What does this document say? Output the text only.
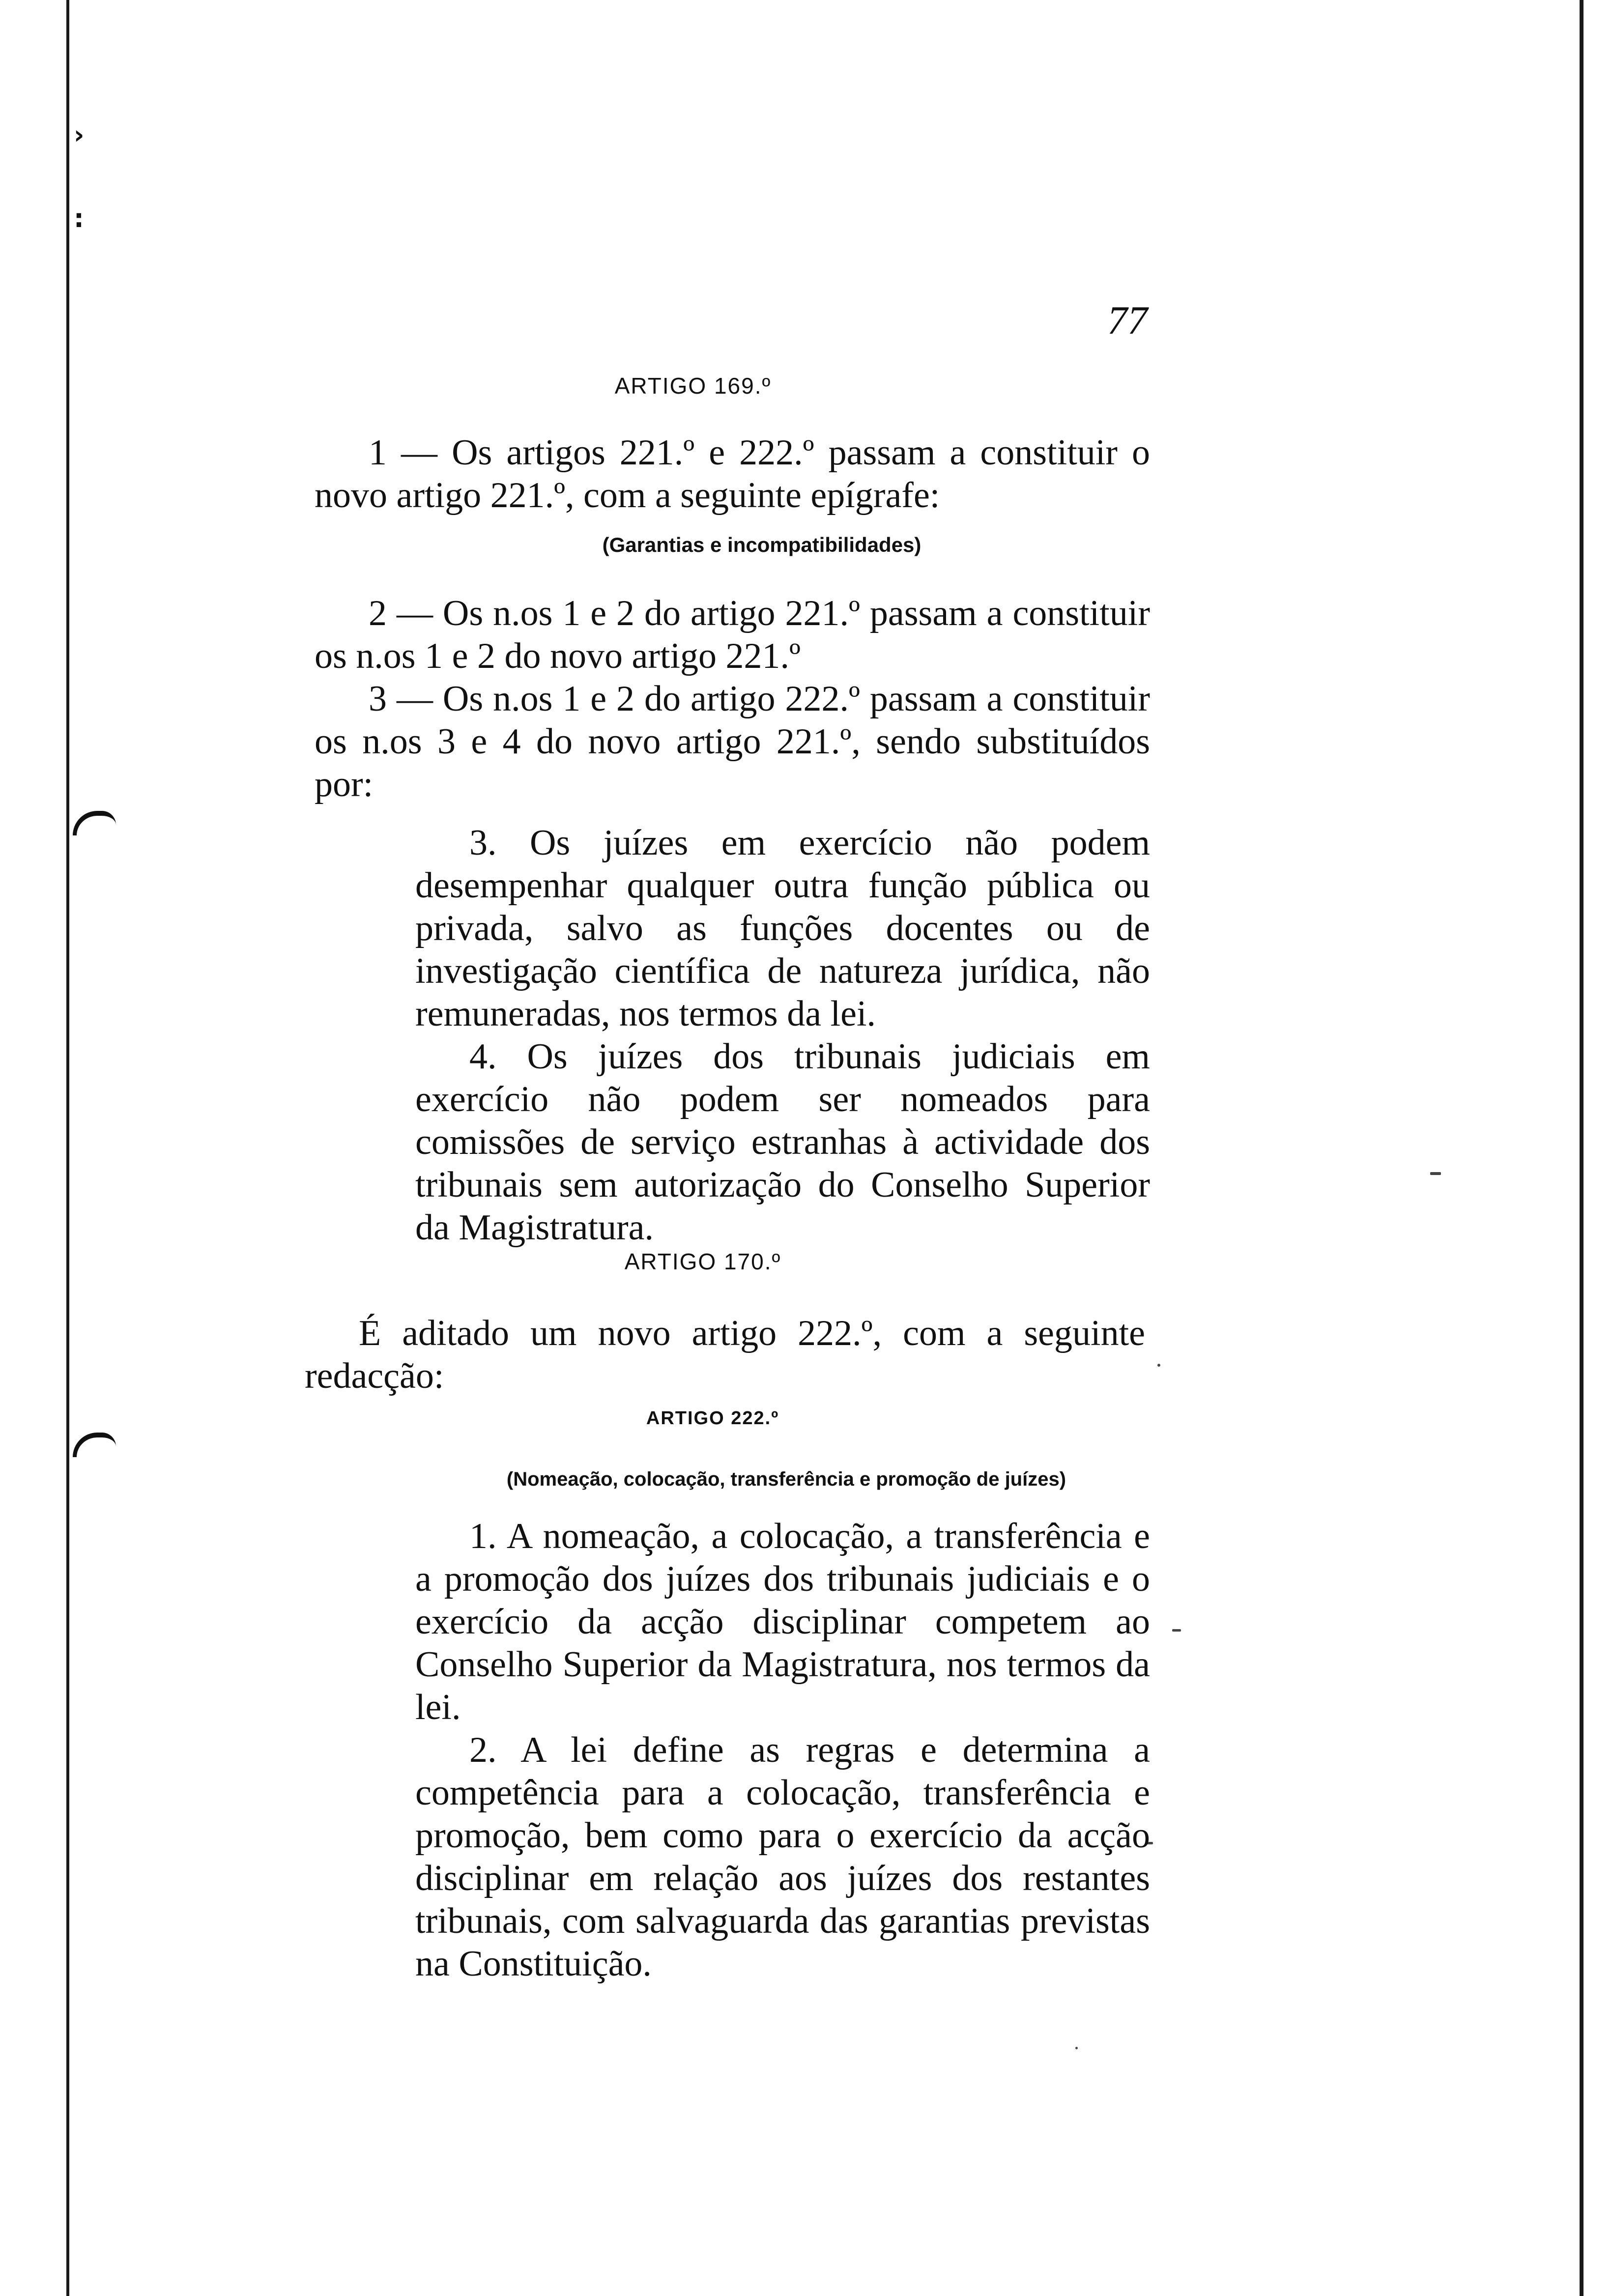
›
:
77
ARTIGO 169.º

1 — Os artigos 221.º e 222.º passam a constituir o novo artigo 221.º, com a seguinte epígrafe:

(Garantias e incompatibilidades)

2 — Os n.os 1 e 2 do artigo 221.º passam a constituir os n.os 1 e 2 do novo artigo 221.º

3 — Os n.os 1 e 2 do artigo 222.º passam a constituir os n.os 3 e 4 do novo artigo 221.º, sendo substituídos por:

3. Os juízes em exercício não podem desempenhar qualquer outra função pública ou privada, salvo as funções docentes ou de investigação científica de natureza jurídica, não remuneradas, nos termos da lei.

4. Os juízes dos tribunais judiciais em exercício não podem ser nomeados para comissões de serviço estranhas à actividade dos tribunais sem autorização do Conselho Superior da Magistratura.

ARTIGO 170.º

É aditado um novo artigo 222.º, com a seguinte redacção:

ARTIGO 222.º
(Nomeação, colocação, transferência e promoção de juízes)

1. A nomeação, a colocação, a transferência e a promoção dos juízes dos tribunais judiciais e o exercício da acção disciplinar competem ao Conselho Superior da Magistratura, nos termos da lei.

2. A lei define as regras e determina a competência para a colocação, transferência e promoção, bem como para o exercício da acção disciplinar em relação aos juízes dos restantes tribunais, com salvaguarda das garantias previstas na Constituição.
